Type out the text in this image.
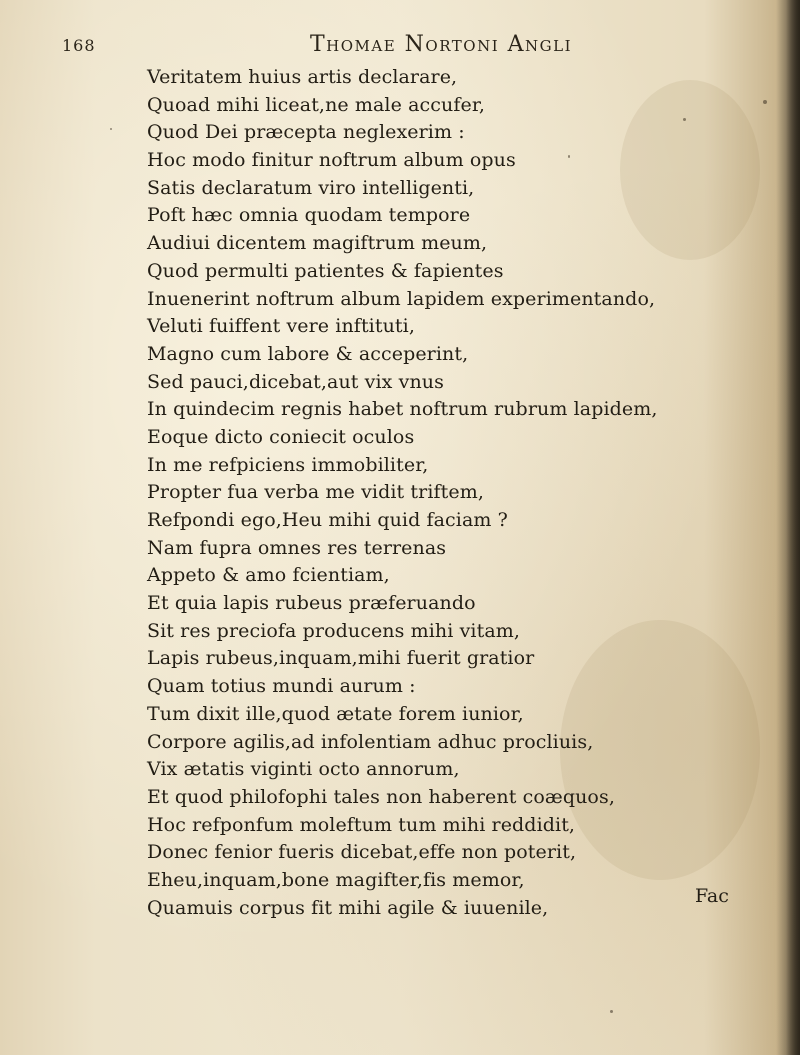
168	Thomae Nortoni Angli
Veritatem huius artis declarare,
Quoad mihi liceat,ne male accufer,
Quod Dei præcepta neglexerim :
Hoc modo finitur noftrum album opus
Satis declaratum viro intelligenti,
Poft hæc omnia quodam tempore
Audiui dicentem magiftrum meum,
Quod permulti patientes & fapientes
Inuenerint noftrum album lapidem experimentando,
Veluti fuiffent vere inftituti,
Magno cum labore & acceperint,
Sed pauci,dicebat,aut vix vnus
In quindecim regnis habet noftrum rubrum lapidem,
Eoque dicto coniecit oculos
In me refpiciens immobiliter,
Propter fua verba me vidit triftem,
Refpondi ego,Heu mihi quid faciam ?
Nam fupra omnes res terrenas
Appeto & amo fcientiam,
Et quia lapis rubeus præferuando
Sit res preciofa producens mihi vitam,
Lapis rubeus,inquam,mihi fuerit gratior
Quam totius mundi aurum :
Tum dixit ille,quod ætate forem iunior,
Corpore agilis,ad infolentiam adhuc procliuis,
Vix ætatis viginti octo annorum,
Et quod philofophi tales non haberent coæquos,
Hoc refponfum moleftum tum mihi reddidit,
Donec fenior fueris dicebat,effe non poterit,
Eheu,inquam,bone magifter,fis memor,
Quamuis corpus fit mihi agile & iuuenile,
Fac
